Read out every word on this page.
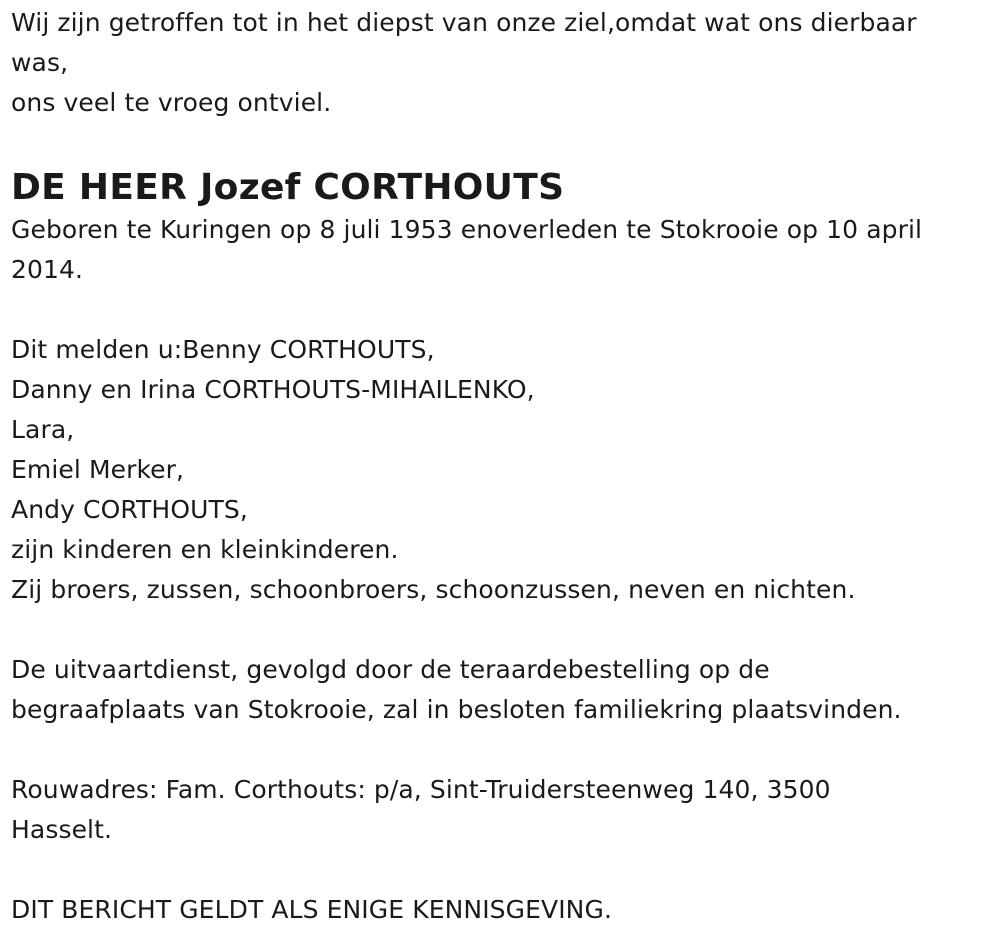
Wij zijn getroffen tot in het diepst van onze ziel,omdat wat ons dierbaar
was,
ons veel te vroeg ontviel.
DE HEER Jozef CORTHOUTS
Geboren te Kuringen op 8 juli 1953 enoverleden te Stokrooie op 10 april
2014.
Dit melden u:Benny CORTHOUTS,
Danny en Irina CORTHOUTS-MIHAILENKO,
Lara,
Emiel Merker,
Andy CORTHOUTS,
zijn kinderen en kleinkinderen.
Zij broers, zussen, schoonbroers, schoonzussen, neven en nichten.
De uitvaartdienst, gevolgd door de teraardebestelling op de
begraafplaats van Stokrooie, zal in besloten familiekring plaatsvinden.
Rouwadres: Fam. Corthouts: p/a, Sint-Truidersteenweg 140, 3500
Hasselt.
DIT BERICHT GELDT ALS ENIGE KENNISGEVING.
